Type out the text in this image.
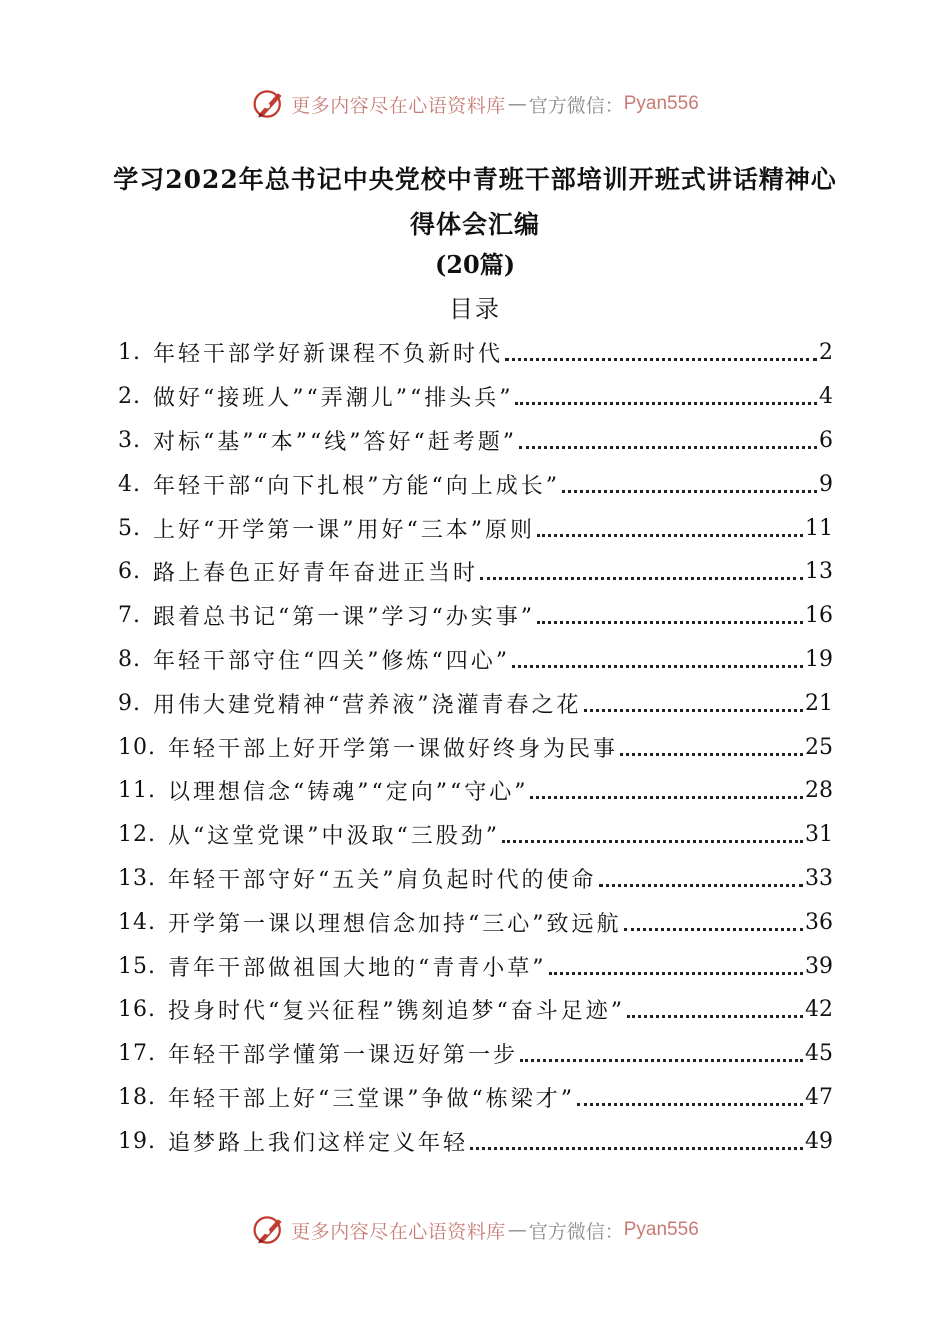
更多内容尽在心语资料库 — 官方微信： Pyan556
学习2022年总书记中央党校中青班干部培训开班式讲话精神心
得体会汇编
(20篇)
目录
1. 年轻干部学好新课程不负新时代	2
2. 做好“接班人”“弄潮儿”“排头兵”	4
3. 对标“基”“本”“线”答好“赶考题”	6
4. 年轻干部“向下扎根”方能“向上成长”	9
5. 上好“开学第一课”用好“三本”原则	11
6. 路上春色正好青年奋进正当时	13
7. 跟着总书记“第一课”学习“办实事”	16
8. 年轻干部守住“四关”修炼“四心”	19
9. 用伟大建党精神“营养液”浇灌青春之花	21
10. 年轻干部上好开学第一课做好终身为民事	25
11. 以理想信念“铸魂”“定向”“守心”	28
12. 从“这堂党课”中汲取“三股劲”	31
13. 年轻干部守好“五关”肩负起时代的使命	33
14. 开学第一课以理想信念加持“三心”致远航	36
15. 青年干部做祖国大地的“青青小草”	39
16. 投身时代“复兴征程”镌刻追梦“奋斗足迹”	42
17. 年轻干部学懂第一课迈好第一步	45
18. 年轻干部上好“三堂课”争做“栋梁才”	47
19. 追梦路上我们这样定义年轻	49
更多内容尽在心语资料库 — 官方微信： Pyan556
